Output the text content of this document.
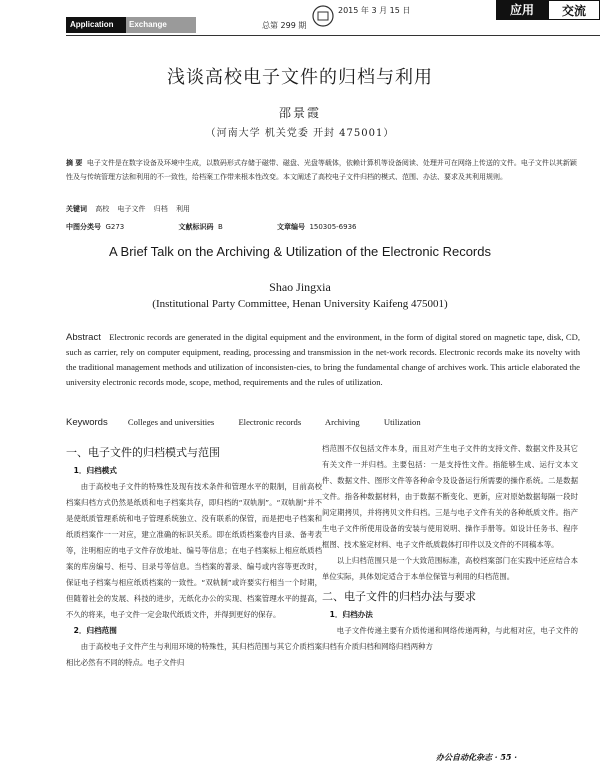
Application	Exchange	总第 299 期
2015 年 3 月 15 日	应用	交流
浅谈高校电子文件的归档与利用
邵景霞
（河南大学 机关党委 开封 475001）
摘 要 电子文件是在数字设备及环境中生成，以数码形式存储于磁带、磁盘、光盘等载体，依赖计算机等设备阅读、处理并可在网络上传送的文件。电子文件以其新颖性及与传统管理方法和利用的不一致性，给档案工作带来根本性改变。本文阐述了高校电子文件归档的模式、范围、办法、要求及其利用规则。
关键词 高校 电子文件 归档 利用
中图分类号 G273	文献标识码 B	文章编号 150305-6936
A Brief Talk on the Archiving & Utilization of the Electronic Records
Shao Jingxia
(Institutional Party Committee, Henan University Kaifeng 475001)
Abstract Electronic records are generated in the digital equipment and the environment, in the form of digital stored on magnetic tape, disk, CD, such as carrier, rely on computer equipment, reading, processing and transmission in the net-work records. Electronic records make its novelty with the traditional management methods and utilization of inconsisten-cies, to bring the fundamental change of archives work. This article elaborated the university electronic records mode, scope, method, requirements and the rules of utilization.
Keywords Colleges and universities	Electronic records	Archiving	Utilization
一、电子文件的归档模式与范围
1．归档模式

由于高校电子文件的特殊性及现有技术条件和管理水平的限制，目前高校档案归档方式仍然是纸质和电子档案共存，即归档的“双轨制”。“双轨制”并不是使纸质管理系统和电子管理系统独立、没有联系的保管，而是把电子档案和纸质档案作一一对应，建立准确的标识关系。即在纸质档案卷内目录、备考表等，注明相应的电子文件存放地址、编号等信息；在电子档案标上相应纸质档案的库房编号、柜号、目录号等信息。当档案的著录、编号或内容等更改时，保证电子档案与相应纸质档案的一致性。“双轨制”或许要实行相当一个时期，但随着社会的发展、科技的进步，无纸化办公的实现、档案管理水平的提高，不久的将来，电子文件一定会取代纸质文件，并得到更好的保存。

2．归档范围

由于高校电子文件产生与利用环境的特殊性，其归档范围与其它介质档案相比必然有不同的特点。电子文件归

档范围不仅包括文件本身，而且对产生电子文件的支持文件、数据文件及其它有关文件一并归档。主要包括：一是支持性文件。指能够生成、运行文本文件、数据文件、图形文件等各种命令及设备运行所需要的操作系统。二是数据文件。指各种数据材料，由于数据不断变化、更新，应对原始数据每隔一段时间定期拷贝，并将拷贝文件归档。三是与电子文件有关的各种纸质文件。指产生电子文件所使用设备的安装与使用说明、操作手册等。如设计任务书、程序框图、技术鉴定材料、电子文件纸质载体打印件以及文件的不同稿本等。

以上归档范围只是一个大致范围标准，高校档案部门在实践中还应结合本单位实际，具体划定适合于本单位保管与利用的归档范围。

二、电子文件的归档办法与要求
1．归档办法

电子文件传递主要有介质传递和网络传递两种，与此相对应，电子文件的归档有介质归档和网络归档两种方

办公自动化杂志 · 55 ·
